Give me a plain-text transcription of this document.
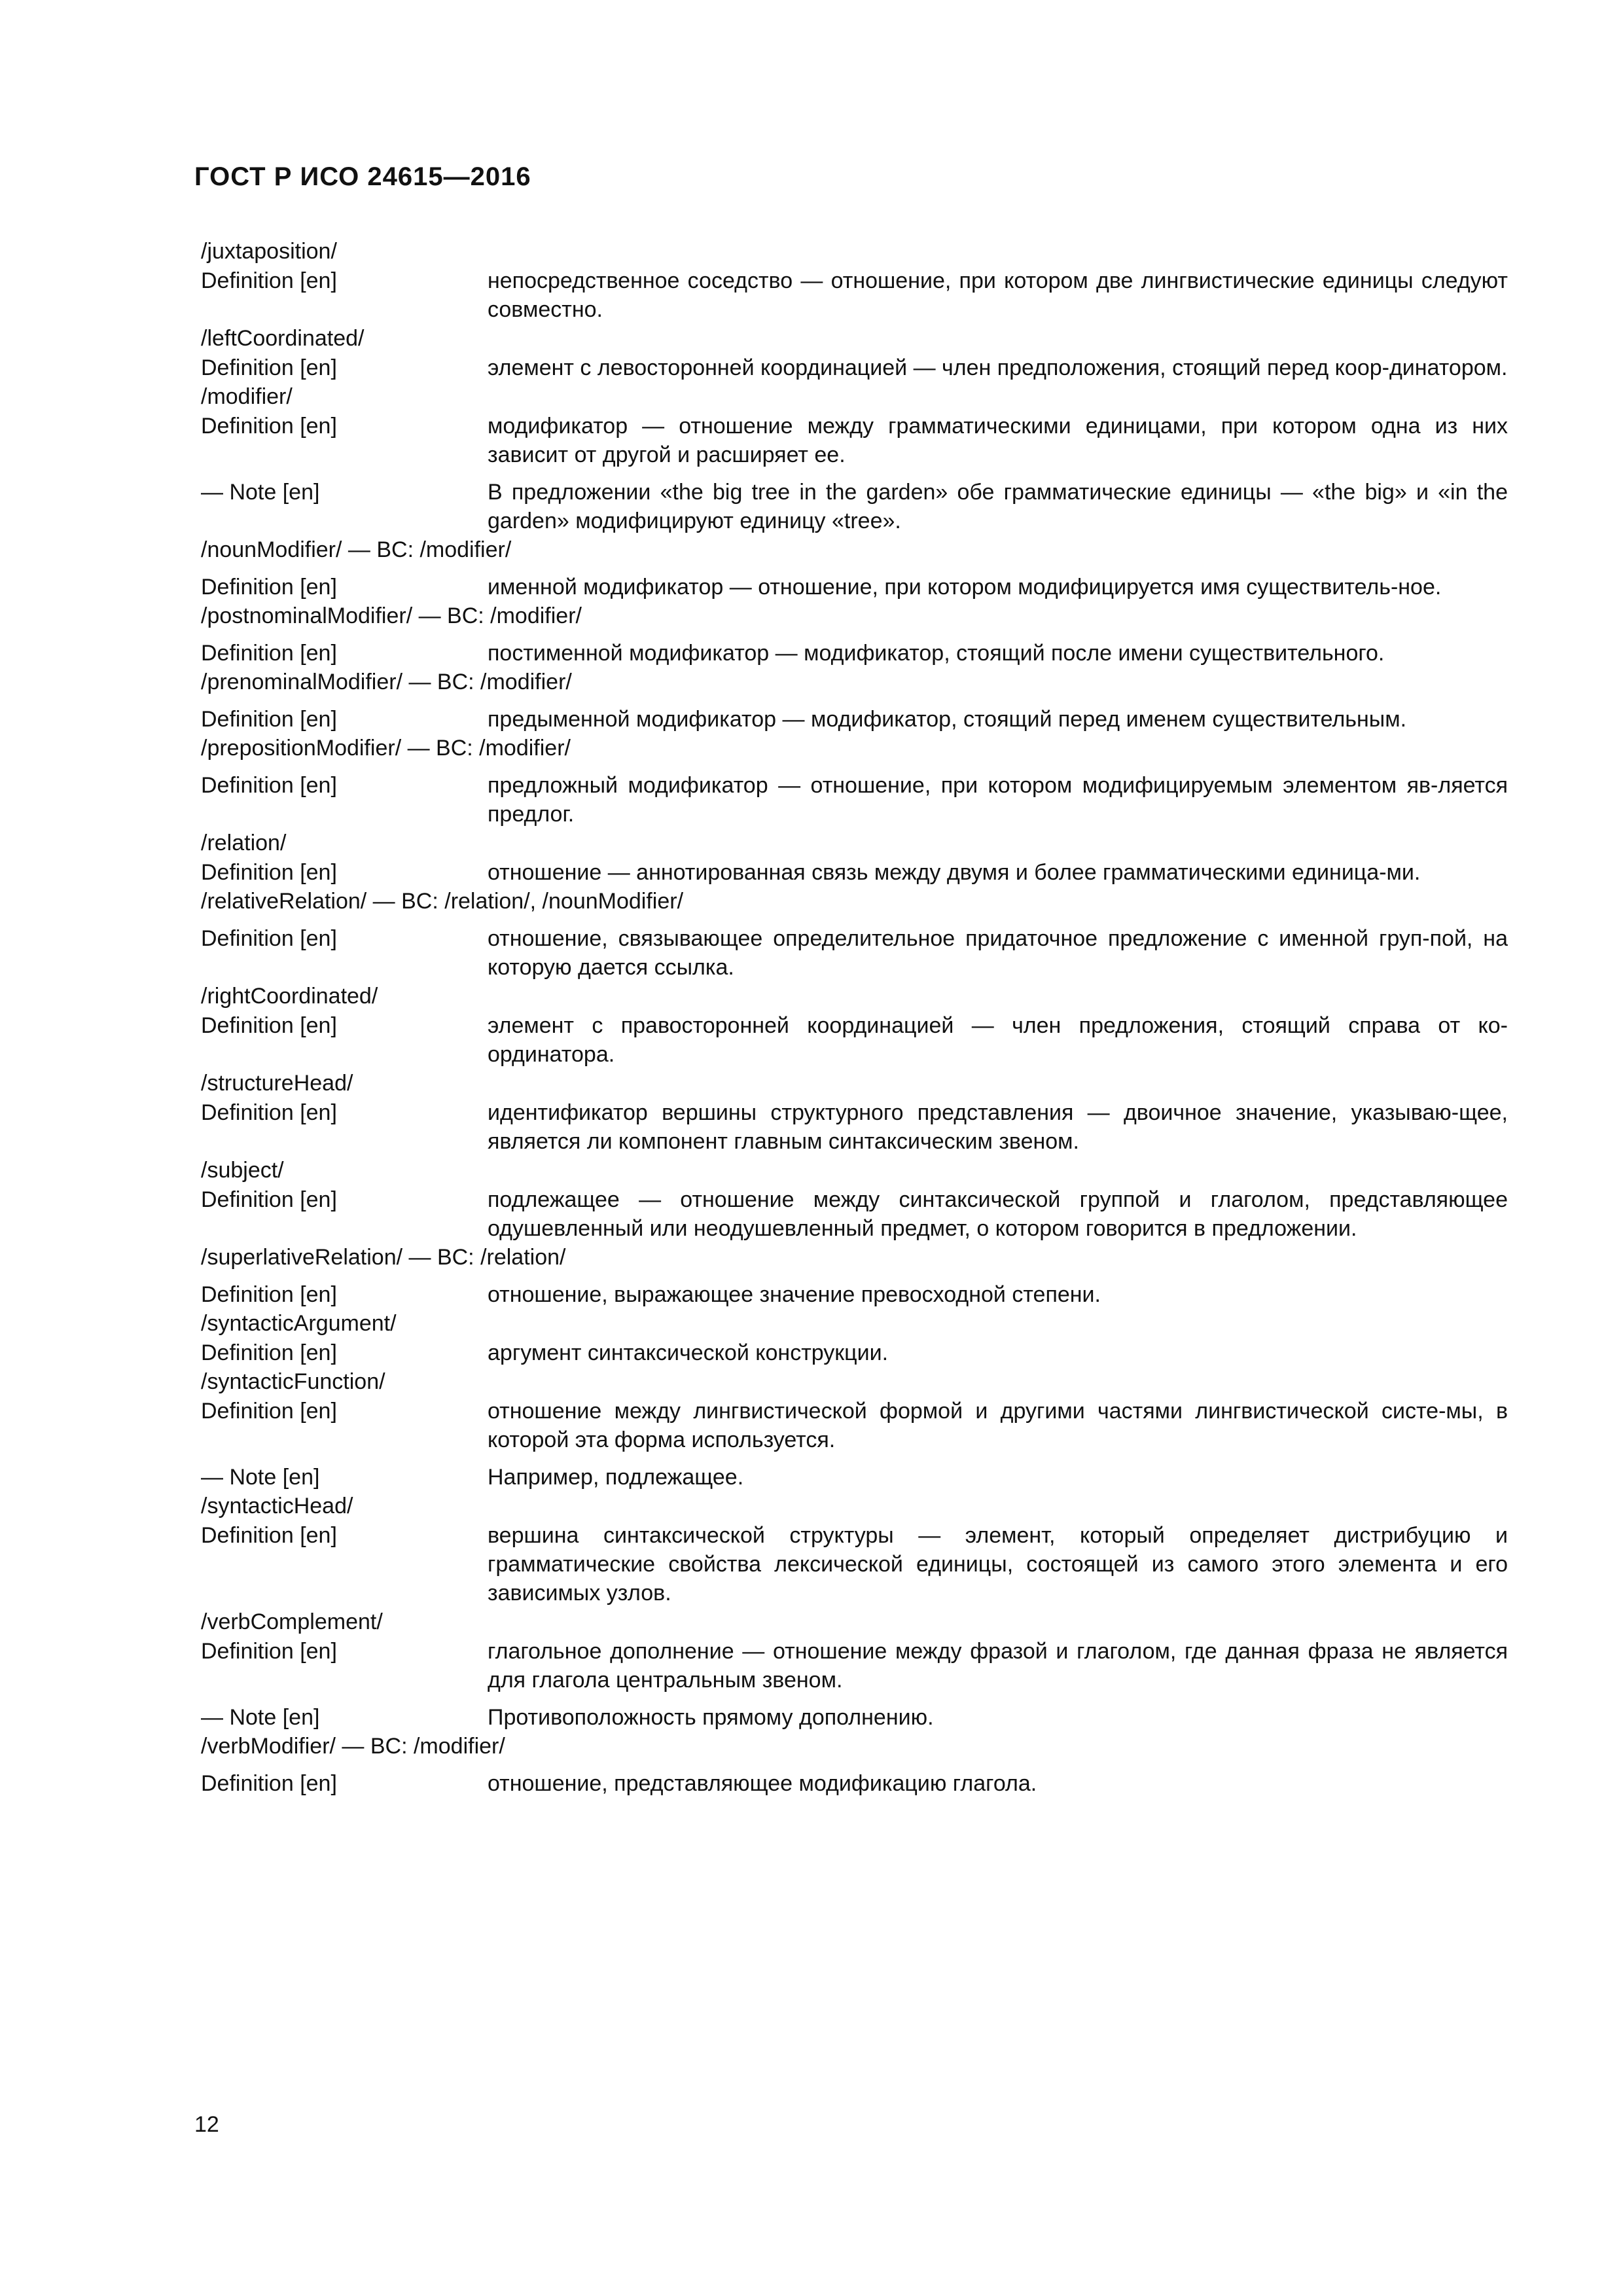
ГОСТ Р ИСО 24615—2016
/juxtaposition/
Definition [en]	непосредственное соседство — отношение, при котором две лингвистические единицы следуют совместно.
/leftCoordinated/
Definition [en]	элемент с левосторонней координацией — член предположения, стоящий перед коор-динатором.
/modifier/
Definition [en]	модификатор — отношение между грамматическими единицами, при котором одна из них зависит от другой и расширяет ее.
— Note [en]	В предложении «the big tree in the garden» обе грамматические единицы — «the big» и «in the garden» модифицируют единицу «tree».
/nounModifier/ — BC: /modifier/
Definition [en]	именной модификатор — отношение, при котором модифицируется имя существитель-ное.
/postnominalModifier/ — BC: /modifier/
Definition [en]	постименной модификатор — модификатор, стоящий после имени существительного.
/prenominalModifier/ — BC: /modifier/
Definition [en]	предыменной модификатор — модификатор, стоящий перед именем существительным.
/prepositionModifier/ — BC: /modifier/
Definition [en]	предложный модификатор — отношение, при котором модифицируемым элементом яв-ляется предлог.
/relation/
Definition [en]	отношение — аннотированная связь между двумя и более грамматическими единица-ми.
/relativeRelation/ — BC: /relation/, /nounModifier/
Definition [en]	отношение, связывающее определительное придаточное предложение с именной груп-пой, на которую дается ссылка.
/rightCoordinated/
Definition [en]	элемент с правосторонней координацией — член предложения, стоящий справа от ко-ординатора.
/structureHead/
Definition [en]	идентификатор вершины структурного представления — двоичное значение, указываю-щее, является ли компонент главным синтаксическим звеном.
/subject/
Definition [en]	подлежащее — отношение между синтаксической группой и глаголом, представляющее одушевленный или неодушевленный предмет, о котором говорится в предложении.
/superlativeRelation/ — BC: /relation/
Definition [en]	отношение, выражающее значение превосходной степени.
/syntacticArgument/
Definition [en]	аргумент синтаксической конструкции.
/syntacticFunction/
Definition [en]	отношение между лингвистической формой и другими частями лингвистической систе-мы, в которой эта форма используется.
— Note [en]	Например, подлежащее.
/syntacticHead/
Definition [en]	вершина синтаксической структуры — элемент, который определяет дистрибуцию и грамматические свойства лексической единицы, состоящей из самого этого элемента и его зависимых узлов.
/verbComplement/
Definition [en]	глагольное дополнение — отношение между фразой и глаголом, где данная фраза не является для глагола центральным звеном.
— Note [en]	Противоположность прямому дополнению.
/verbModifier/ — BC: /modifier/
Definition [en]	отношение, представляющее модификацию глагола.
12
